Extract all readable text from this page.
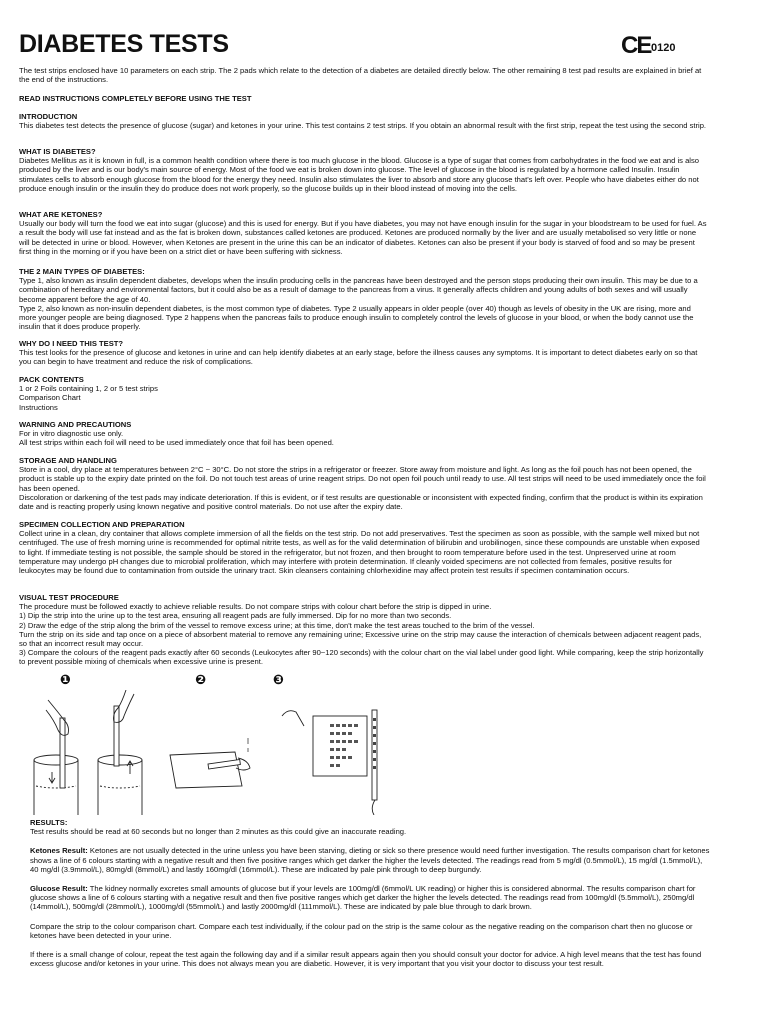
DIABETES TESTS	CE 0120

The test strips enclosed have 10 parameters on each strip. The 2 pads which relate to the detection of a diabetes are detailed directly below. The other remaining 8 test pad results are explained in brief at the end of the instructions.

READ INSTRUCTIONS COMPLETELY BEFORE USING THE TEST

INTRODUCTION

This diabetes test detects the presence of glucose (sugar) and ketones in your urine. This test contains 2 test strips. If you obtain an abnormal result with the first strip, repeat the test using the second strip.

WHAT IS DIABETES?

Diabetes Mellitus as it is known in full, is a common health condition where there is too much glucose in the blood. Glucose is a type of sugar that comes from carbohydrates in the food we eat and is also produced by the liver and is our body's main source of energy. Most of the food we eat is broken down into glucose. The level of glucose in the blood is regulated by a hormone called Insulin. Insulin stimulates cells to absorb enough glucose from the blood for the energy they need. Insulin also stimulates the liver to absorb and store any glucose that's left over. People who have diabetes either do not produce enough insulin or the insulin they do produce does not work properly, so the glucose builds up in their blood instead of moving into the cells.

WHAT ARE KETONES?

Usually our body will turn the food we eat into sugar (glucose) and this is used for energy. But if you have diabetes, you may not have enough insulin for the sugar in your bloodstream to be used for fuel. As a result the body will use fat instead and as the fat is broken down, substances called ketones are produced. Ketones are produced normally by the liver and are usually metabolised so very little or none will be detected in urine or blood. However, when Ketones are present in the urine this can be an indicator of diabetes. Ketones can also be present if your body is starved of food and so may be present first thing in the morning or if you have been on a strict diet or have been suffering with sickness.

THE 2 MAIN TYPES OF DIABETES:

Type 1, also known as insulin dependent diabetes, develops when the insulin producing cells in the pancreas have been destroyed and the person stops producing their own insulin. This may be due to a combination of hereditary and environmental factors, but it could also be as a result of damage to the pancreas from a virus. It generally affects children and young adults of both sexes and will usually become apparent before the age of 40.

Type 2, also known as non-insulin dependent diabetes, is the most common type of diabetes. Type 2 usually appears in older people (over 40) though as levels of obesity in the UK are rising, more and more younger people are being diagnosed. Type 2 happens when the pancreas fails to produce enough insulin to completely control the levels of glucose in your blood, or when the body cannot use the insulin that it does produce properly.

WHY DO I NEED THIS TEST?

This test looks for the presence of glucose and ketones in urine and can help identify diabetes at an early stage, before the illness causes any symptoms. It is important to detect diabetes early on so that you can begin to have treatment and reduce the risk of complications.

PACK CONTENTS

1 or 2 Foils containing 1, 2 or 5 test strips

Comparison Chart

Instructions

WARNING AND PRECAUTIONS

For in vitro diagnostic use only.

All test strips within each foil will need to be used immediately once that foil has been opened.

STORAGE AND HANDLING

Store in a cool, dry place at temperatures between 2°C ~ 30°C. Do not store the strips in a refrigerator or freezer. Store away from moisture and light. As long as the foil pouch has not been opened, the product is stable up to the expiry date printed on the foil. Do not touch test areas of urine reagent strips. Do not open foil pouch until ready to use. All test strips will need to be used immediately once the foil has been opened.

Discoloration or darkening of the test pads may indicate deterioration. If this is evident, or if test results are questionable or inconsistent with expected finding, confirm that the product is within its expiration date and is reacting properly using known negative and positive control materials. Do not use after the expiry date.

SPECIMEN COLLECTION AND PREPARATION

Collect urine in a clean, dry container that allows complete immersion of all the fields on the test strip. Do not add preservatives. Test the specimen as soon as possible, with the sample well mixed but not centrifuged. The use of fresh morning urine is recommended for optimal nitrite tests, as well as for the valid determination of bilirubin and urobilinogen, since these compounds are unstable when exposed to light. If immediate testing is not possible, the sample should be stored in the refrigerator, but not frozen, and then brought to room temperature before used in the test. Unpreserved urine at room temperature may undergo pH changes due to microbial proliferation, which may interfere with protein determination. If cleanly voided specimens are not collected from females, positive results for leukocytes may be found due to contamination from outside the urinary tract. Skin cleansers containing chlorhexidine may affect protein test results if specimen contamination occurs.

VISUAL TEST PROCEDURE

The procedure must be followed exactly to achieve reliable results. Do not compare strips with colour chart before the strip is dipped in urine.

1) Dip the strip into the urine up to the test area, ensuring all reagent pads are fully immersed. Dip for no more than two seconds.

2) Draw the edge of the strip along the brim of the vessel to remove excess urine; at this time, don't make the test areas touched to the brim of the vessel.

Turn the strip on its side and tap once on a piece of absorbent material to remove any remaining urine; Excessive urine on the strip may cause the interaction of chemicals between adjacent reagent pads, so that an incorrect result may occur.

3) Compare the colours of the reagent pads exactly after 60 seconds (Leukocytes after 90~120 seconds) with the colour chart on the vial label under good light. While comparing, keep the strip horizontally to prevent possible mixing of chemicals when excessive urine is present.

❶	❷	❸

RESULTS:

Test results should be read at 60 seconds but no longer than 2 minutes as this could give an inaccurate reading.

Ketones Result: Ketones are not usually detected in the urine unless you have been starving, dieting or sick so there presence would need further investigation. The results comparison chart for ketones shows a line of 6 colours starting with a negative result and then five positive ranges which get darker the higher the levels detected. The readings read from 5 mg/dl (0.5mmol/L), 15 mg/dl (1.5mmol/L), 40 mg/dl (3.9mmol/L), 80mg/dl (8mmol/L) and lastly 160mg/dl (16mmol/L). These are indicated by pale pink through to deep burgundy.

Glucose Result: The kidney normally excretes small amounts of glucose but if your levels are 100mg/dl (6mmol/L UK reading) or higher this is considered abnormal. The results comparison chart for glucose shows a line of 6 colours starting with a negative result and then five positive ranges which get darker the higher the levels detected. The readings read from 100mg/dl (5.5mmol/L), 250mg/dl (14mmol/L), 500mg/dl (28mmol/L), 1000mg/dl (55mmol/L) and lastly 2000mg/dl (111mmol/L). These are indicated by pale blue through to dark brown.

Compare the strip to the colour comparison chart. Compare each test individually, if the colour pad on the strip is the same colour as the negative reading on the comparison chart then no glucose or ketones have been detected in your urine.

If there is a small change of colour, repeat the test again the following day and if a similar result appears again then you should consult your doctor for advice. A high level means that the test has found excess glucose and/or ketones in your urine. This does not always mean you are diabetic. However, it is very important that you visit your doctor to discuss your test result.
